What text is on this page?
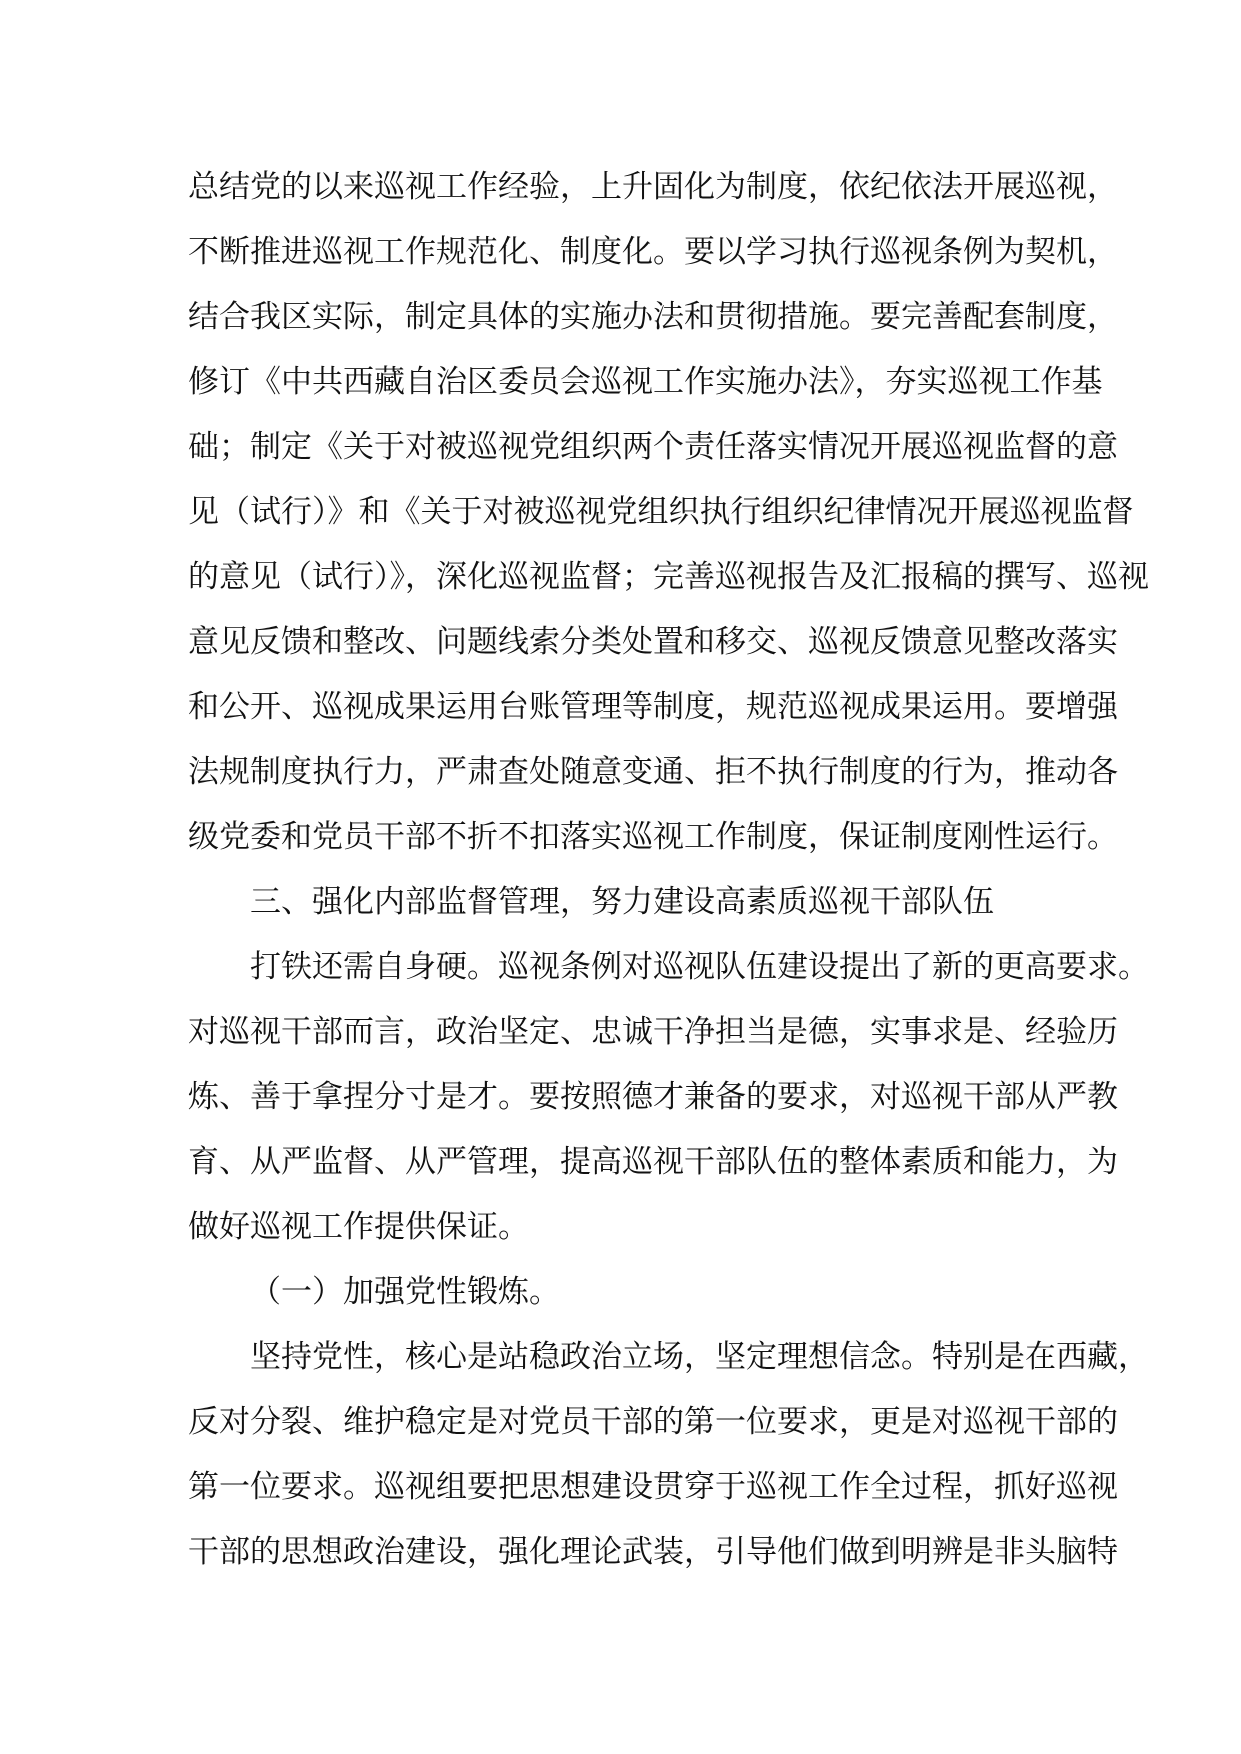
总结党的以来巡视工作经验，上升固化为制度，依纪依法开展巡视，
不断推进巡视工作规范化、制度化。要以学习执行巡视条例为契机，
结合我区实际，制定具体的实施办法和贯彻措施。要完善配套制度，
修订《中共西藏自治区委员会巡视工作实施办法》，夯实巡视工作基
础；制定《关于对被巡视党组织两个责任落实情况开展巡视监督的意
见（试行）》和《关于对被巡视党组织执行组织纪律情况开展巡视监督
的意见（试行）》，深化巡视监督；完善巡视报告及汇报稿的撰写、巡视
意见反馈和整改、问题线索分类处置和移交、巡视反馈意见整改落实
和公开、巡视成果运用台账管理等制度，规范巡视成果运用。要增强
法规制度执行力，严肃查处随意变通、拒不执行制度的行为，推动各
级党委和党员干部不折不扣落实巡视工作制度，保证制度刚性运行。
三、强化内部监督管理，努力建设高素质巡视干部队伍
打铁还需自身硬。巡视条例对巡视队伍建设提出了新的更高要求。
对巡视干部而言，政治坚定、忠诚干净担当是德，实事求是、经验历
炼、善于拿捏分寸是才。要按照德才兼备的要求，对巡视干部从严教
育、从严监督、从严管理，提高巡视干部队伍的整体素质和能力，为
做好巡视工作提供保证。
（一）加强党性锻炼。
坚持党性，核心是站稳政治立场，坚定理想信念。特别是在西藏，
反对分裂、维护稳定是对党员干部的第一位要求，更是对巡视干部的
第一位要求。巡视组要把思想建设贯穿于巡视工作全过程，抓好巡视
干部的思想政治建设，强化理论武装，引导他们做到明辨是非头脑特
